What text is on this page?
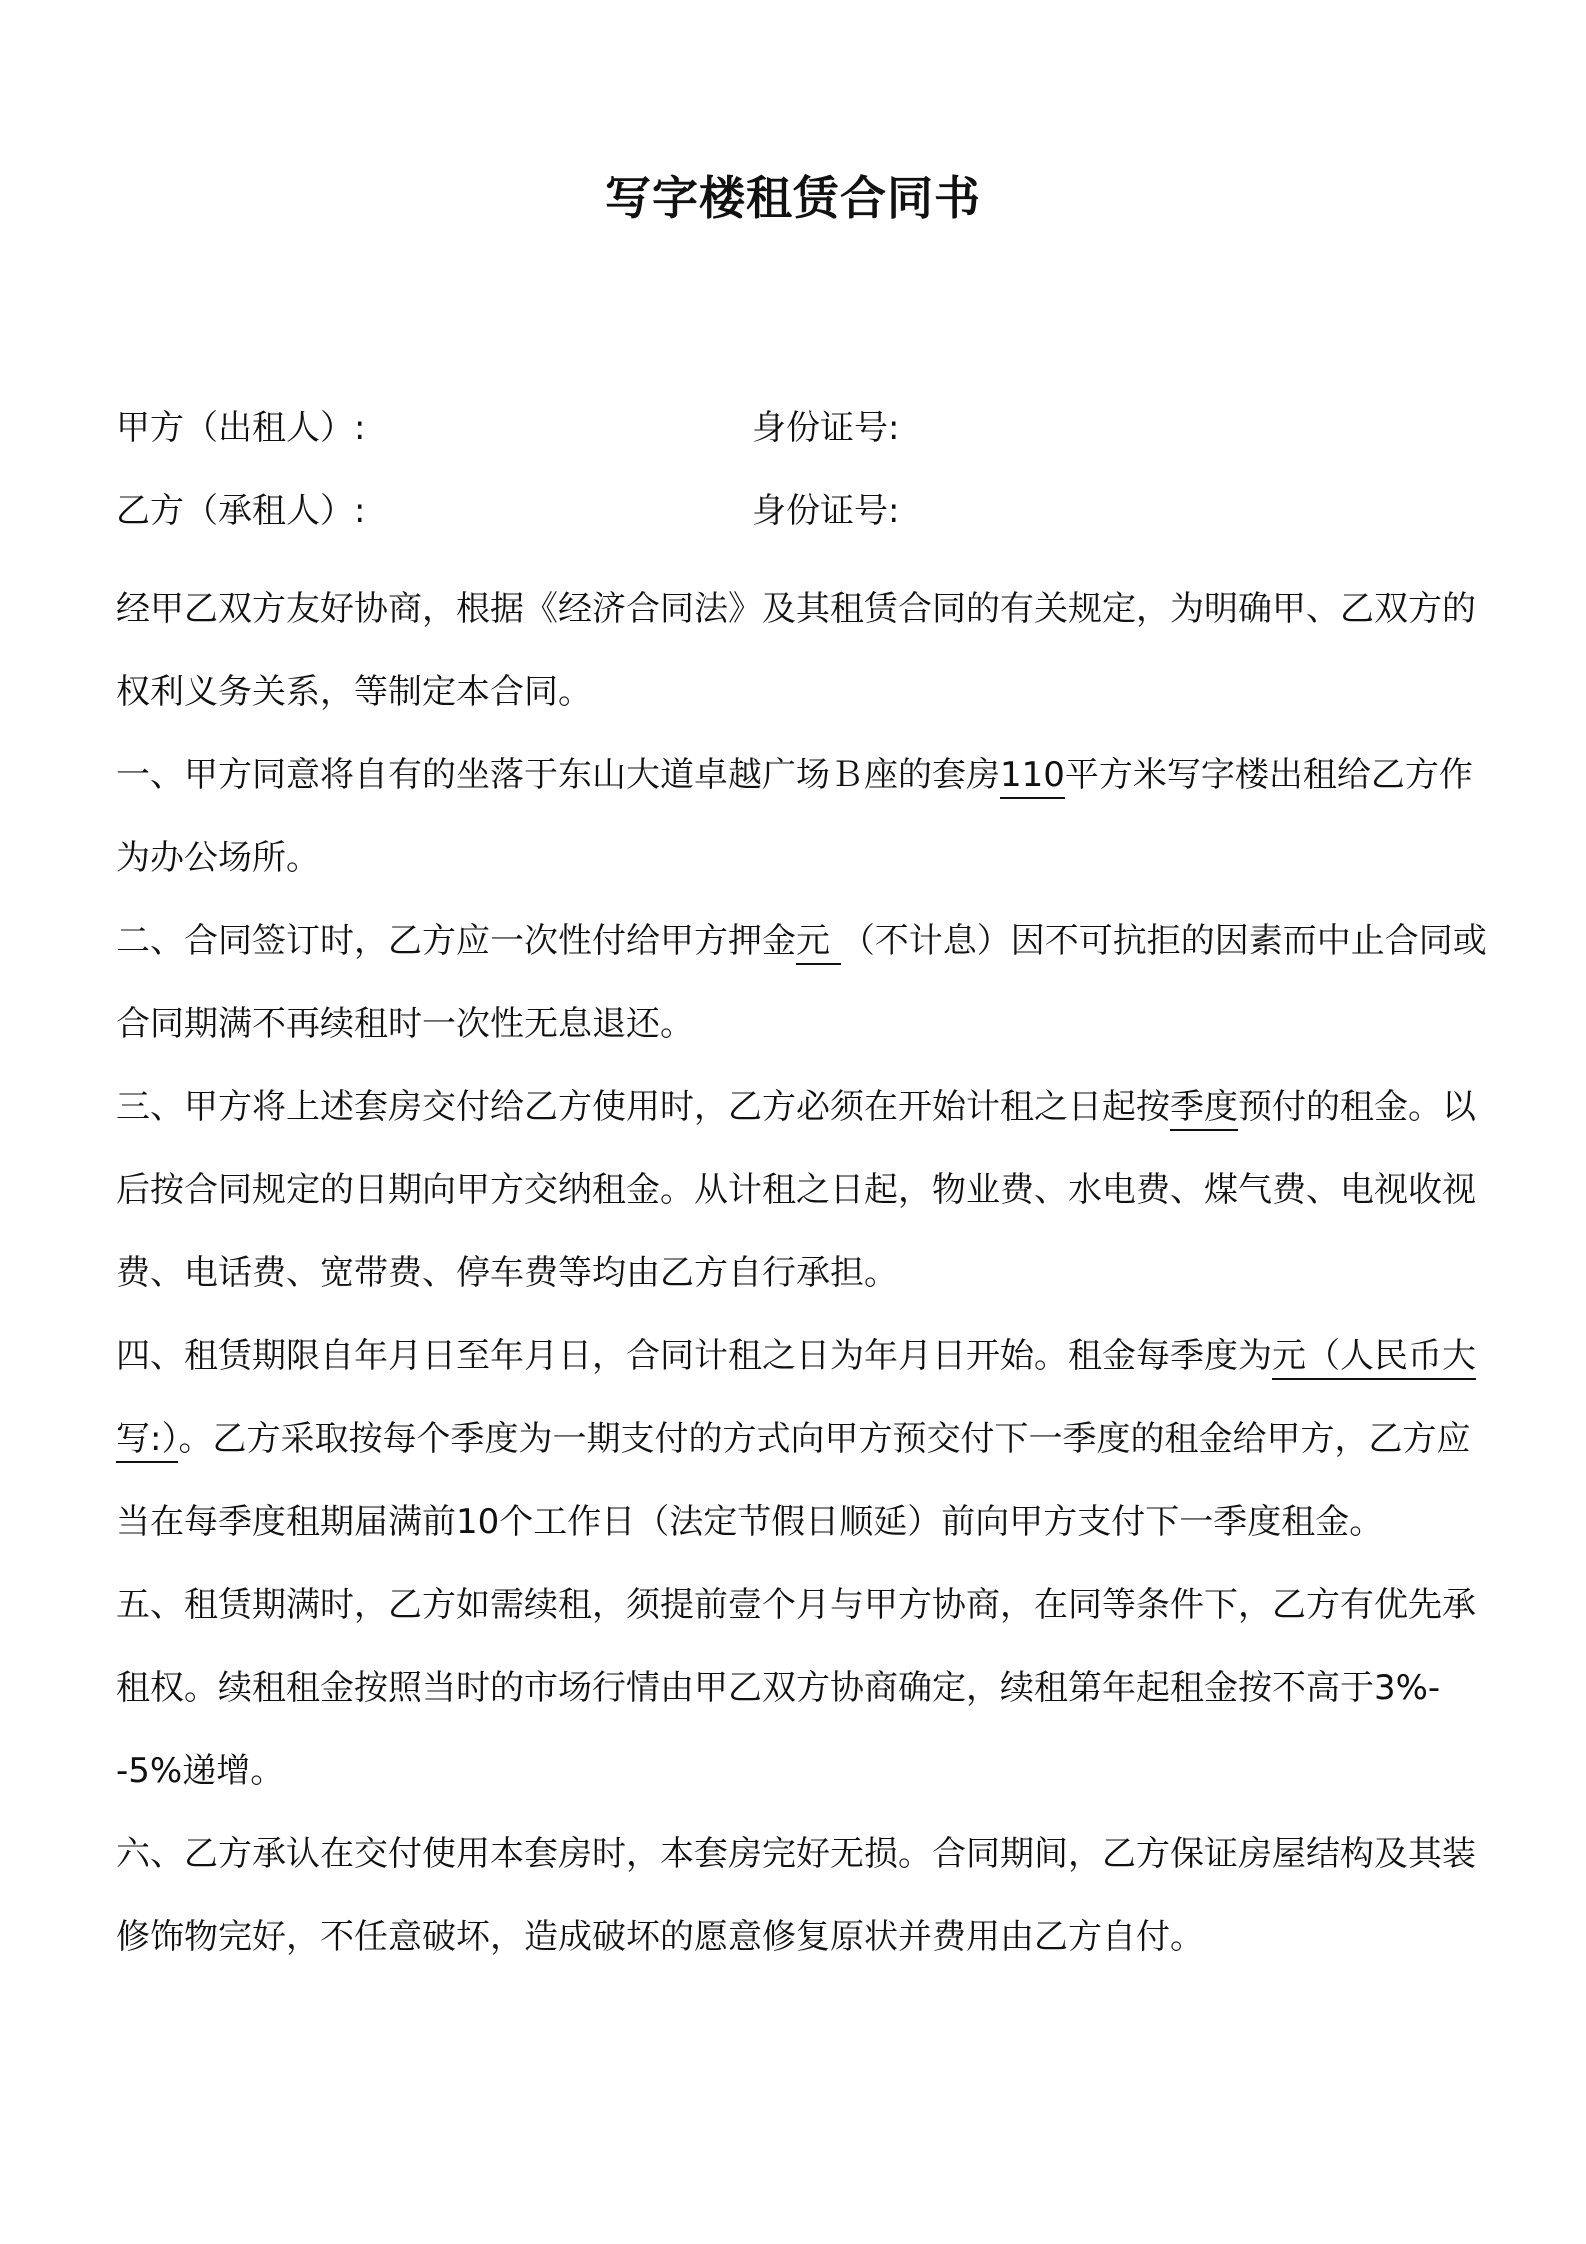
写字楼租赁合同书
甲方（出租人）:	身份证号:
乙方（承租人）:	身份证号:

经甲乙双方友好协商，根据《经济合同法》及其租赁合同的有关规定，为明确甲、乙双方的权利义务关系，等制定本合同。

一、甲方同意将自有的坐落于东山大道卓越广场Ｂ座的套房110平方米写字楼出租给乙方作为办公场所。

二、合同签订时，乙方应一次性付给甲方押金元 （不计息）因不可抗拒的因素而中止合同或合同期满不再续租时一次性无息退还。

三、甲方将上述套房交付给乙方使用时，乙方必须在开始计租之日起按季度预付的租金。以后按合同规定的日期向甲方交纳租金。从计租之日起，物业费、水电费、煤气费、电视收视费、电话费、宽带费、停车费等均由乙方自行承担。

四、租赁期限自年月日至年月日，合同计租之日为年月日开始。租金每季度为元（人民币大写:）。乙方采取按每个季度为一期支付的方式向甲方预交付下一季度的租金给甲方，乙方应当在每季度租期届满前10个工作日（法定节假日顺延）前向甲方支付下一季度租金。

五、租赁期满时，乙方如需续租，须提前壹个月与甲方协商，在同等条件下，乙方有优先承租权。续租租金按照当时的市场行情由甲乙双方协商确定，续租第年起租金按不高于3%--5%递增。

六、乙方承认在交付使用本套房时，本套房完好无损。合同期间，乙方保证房屋结构及其装修饰物完好，不任意破坏，造成破坏的愿意修复原状并费用由乙方自付。
